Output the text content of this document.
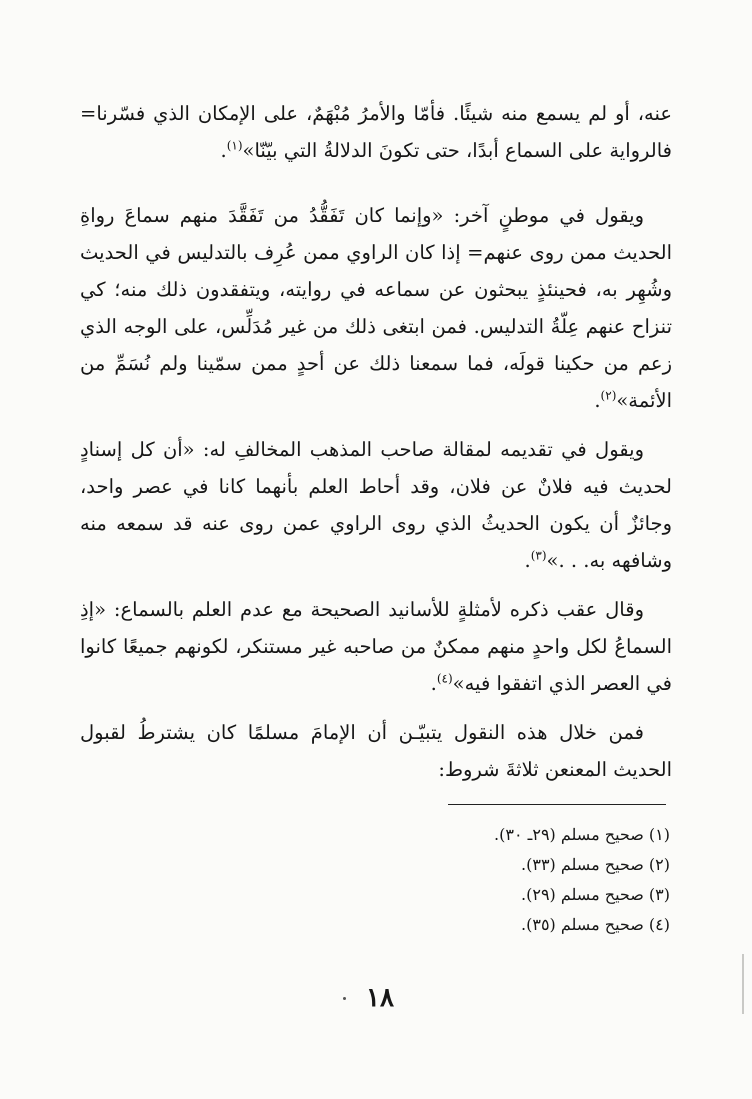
عنه، أو لم يسمع منه شيئًا. فأمّا والأمرُ مُبْهَمٌ، على الإمكان الذي فسّرنا= فالرواية على السماع أبدًا، حتى تكونَ الدلالةُ التي بيّنّا»$^{(١)}$.

ويقول في موطنٍ آخر: «وإنما كان تَفَقُّدُ من تَفَقَّدَ منهم سماعَ رواةِ الحديث ممن روى عنهم= إذا كان الراوي ممن عُرِف بالتدليس في الحديث وشُهِر به، فحينئذٍ يبحثون عن سماعه في روايته، ويتفقدون ذلك منه؛ كي تنزاح عنهم عِلّةُ التدليس. فمن ابتغى ذلك من غير مُدَلِّس، على الوجه الذي زعم من حكينا قولَه، فما سمعنا ذلك عن أحدٍ ممن سمّينا ولم نُسَمِّ من الأئمة»$^{(٢)}$.

ويقول في تقديمه لمقالة صاحب المذهب المخالفِ له: «أن كل إسنادٍ لحديث فيه فلانٌ عن فلان، وقد أحاط العلم بأنهما كانا في عصر واحد، وجائزٌ أن يكون الحديثُ الذي روى الراوي عمن روى عنه قد سمعه منه وشافهه به. . .»$^{(٣)}$.

وقال عقب ذكره لأمثلةٍ للأسانيد الصحيحة مع عدم العلم بالسماع: «إذِ السماعُ لكل واحدٍ منهم ممكنٌ من صاحبه غير مستنكر، لكونهم جميعًا كانوا في العصر الذي اتفقوا فيه»$^{(٤)}$.

فمن خلال هذه النقول يتبيّـن أن الإمامَ مسلمًا كان يشترطُ لقبول الحديث المعنعن ثلاثةَ شروط:

(١) صحيح مسلم (٢٩ـ ٣٠).
(٢) صحيح مسلم (٣٣).
(٣) صحيح مسلم (٢٩).
(٤) صحيح مسلم (٣٥).
١٨
